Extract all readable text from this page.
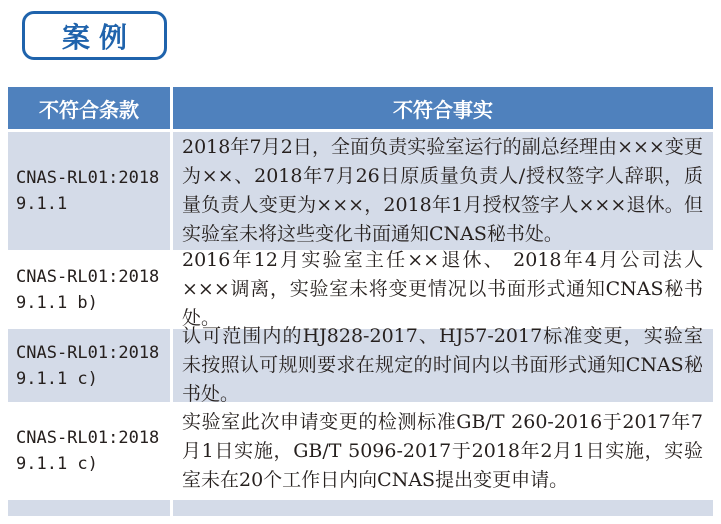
案例
不符合条款	不符合事实
CNAS-RL01:2018 9.1.1
2018年7月2日，全面负责实验室运行的副总经理由×××变更为××、2018年7月26日原质量负责人/授权签字人辞职，质量负责人变更为×××，2018年1月授权签字人×××退休。但实验室未将这些变化书面通知CNAS秘书处。
CNAS-RL01:2018 9.1.1 b)
2016年12月实验室主任××退休、 2018年4月公司法人×××调离，实验室未将变更情况以书面形式通知CNAS秘书处。
CNAS-RL01:2018 9.1.1 c)
认可范围内的HJ828-2017、HJ57-2017标准变更，实验室未按照认可规则要求在规定的时间内以书面形式通知CNAS秘书处。
CNAS-RL01:2018 9.1.1 c)
实验室此次申请变更的检测标准GB/T 260-2016于2017年7月1日实施，GB/T 5096-2017于2018年2月1日实施，实验室未在20个工作日内向CNAS提出变更申请。
